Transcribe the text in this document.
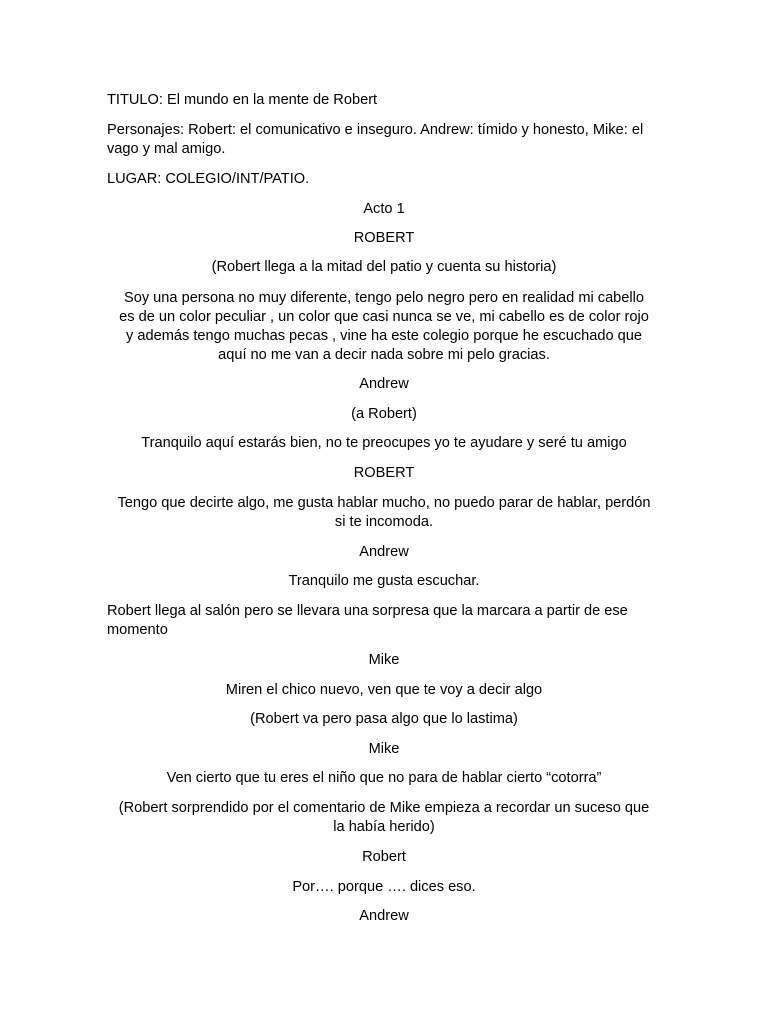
TITULO: El mundo en la mente de Robert

Personajes: Robert: el comunicativo e inseguro. Andrew: tímido y honesto, Mike: el
vago y mal amigo.

LUGAR: COLEGIO/INT/PATIO.

Acto 1

ROBERT

(Robert llega a la mitad del patio y cuenta su historia)

Soy una persona no muy diferente, tengo pelo negro pero en realidad mi cabello
es de un color peculiar , un color que casi nunca se ve, mi cabello es de color rojo
y además tengo muchas pecas , vine ha este colegio porque he escuchado que
aquí no me van a decir nada sobre mi pelo gracias.

Andrew

(a Robert)

Tranquilo aquí estarás bien, no te preocupes yo te ayudare y seré tu amigo

ROBERT

Tengo que decirte algo, me gusta hablar mucho, no puedo parar de hablar, perdón
si te incomoda.

Andrew

Tranquilo me gusta escuchar.

Robert llega al salón pero se llevara una sorpresa que la marcara a partir de ese
momento

Mike

Miren el chico nuevo, ven que te voy a decir algo

(Robert va pero pasa algo que lo lastima)

Mike

Ven cierto que tu eres el niño que no para de hablar cierto “cotorra”

(Robert sorprendido por el comentario de Mike empieza a recordar un suceso que
la había herido)

Robert

Por…. porque …. dices eso.

Andrew
